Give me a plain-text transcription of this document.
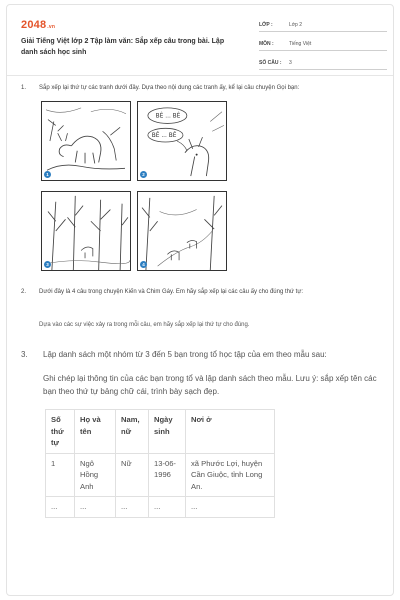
2048.vn
Giải Tiếng Việt lớp 2 Tập làm văn: Sắp xếp câu trong bài. Lập danh sách học sinh
LỚP :	Lớp 2
MÔN :	Tiếng Việt
SỐ CÂU : 3
1. Sắp xếp lại thứ tự các tranh dưới đây. Dựa theo nội dung các tranh ấy, kể lại câu chuyện Gọi bạn:
1
BÊ ... BÊ
BÊ ... BÊ
2
3	4
2. Dưới đây là 4 câu trong chuyện Kiến và Chim Gáy. Em hãy sắp xếp lại các câu ấy cho đúng thứ tự:
Dựa vào các sự việc xảy ra trong mỗi câu, em hãy sắp xếp lại thứ tự cho đúng.
3. Lập danh sách một nhóm từ 3 đến 5 bạn trong tổ học tập của em theo mẫu sau:
Ghi chép lại thông tin của các bạn trong tổ và lập danh sách theo mẫu. Lưu ý: sắp xếp tên các bạn theo thứ tự bảng chữ cái, trình bày sạch đẹp.
Số thứ tự	Họ và tên	Nam, nữ	Ngày sinh	Nơi ở
1	Ngô Hồng Anh	Nữ	13-06-1996	xã Phước Lợi, huyện Cần Giuộc, tỉnh Long An.
...	...	...	...	...
